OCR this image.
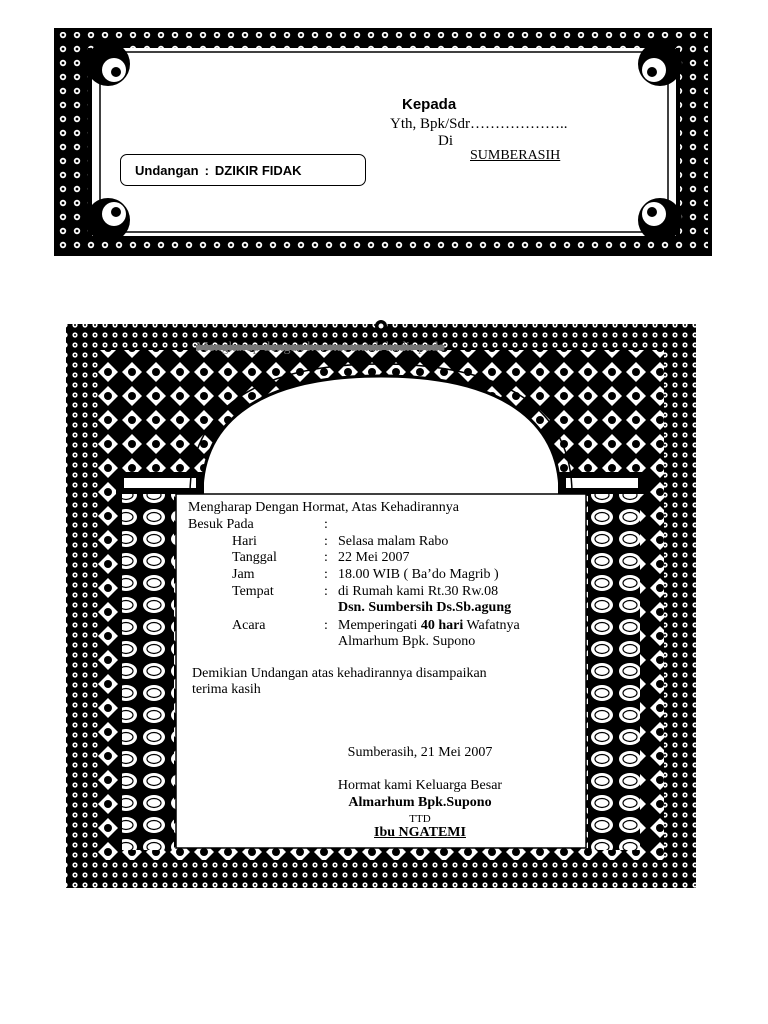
Kepada
Yth, Bpk/Sdr………………..
Di
SUMBERASIH
Undangan : DZIKIR FIDAK
Mengharap dengan hormat untuk hadir pada
Mengharap Dengan Hormat, Atas Kehadirannya
Besuk Pada	:
Hari	: Selasa malam Rabo
Tanggal	: 22 Mei 2007
Jam	: 18.00 WIB ( Ba’do Magrib )
Tempat	: di Rumah kami Rt.30 Rw.08
Dsn. Sumbersih Ds.Sb.agung
Acara	: Memperingati 40 hari Wafatnya
Almarhum Bpk. Supono
Demikian Undangan atas kehadirannya disampaikan
terima kasih
Sumberasih, 21 Mei 2007
Hormat kami Keluarga Besar
Almarhum Bpk.Supono
TTD
Ibu NGATEMI
